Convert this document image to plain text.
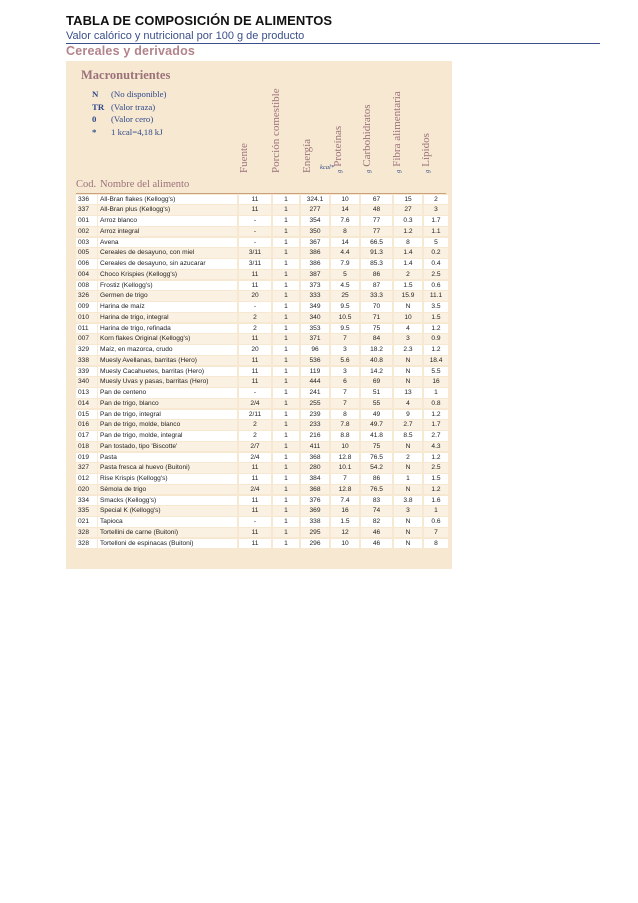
TABLA DE COMPOSICIÓN DE ALIMENTOS
Valor calórico y nutricional por 100 g de producto
Cereales y derivados
Macronutrientes
N (No disponible)
TR (Valor traza)
0 (Valor cero)
* 1 kcal=4,18 kJ
Fuente Porción comestible Energía kcal*
gProteínas
gCarbohidratos
gFibra alimentaria
gLípidos
Cod. Nombre del alimento
336	All-Bran flakes (Kellogg's)	11	1	324.1	10	67	15	2
337	All-Bran plus (Kellogg's)	11	1	277	14	48	27	3
001	Arroz blanco	-	1	354	7.6	77	0.3	1.7
002	Arroz integral	-	1	350	8	77	1.2	1.1
003	Avena	-	1	367	14	66.5	8	5
005	Cereales de desayuno, con miel	3/11	1	386	4.4	91.3	1.4	0.2
006	Cereales de desayuno, sin azucarar	3/11	1	386	7.9	85.3	1.4	0.4
004	Choco Krispies (Kellogg's)	11	1	387	5	86	2	2.5
008	Frostiz (Kellogg's)	11	1	373	4.5	87	1.5	0.6
326	Germen de trigo	20	1	333	25	33.3	15.9	11.1
009	Harina de maíz	-	1	349	9.5	70	N	3.5
010	Harina de trigo, integral	2	1	340	10.5	71	10	1.5
011	Harina de trigo, refinada	2	1	353	9.5	75	4	1.2
007	Korn flakes Original (Kellogg's)	11	1	371	7	84	3	0.9
329	Maíz, en mazorca, crudo	20	1	96	3	18.2	2.3	1.2
338	Muesly Avellanas, barritas (Hero)	11	1	536	5.6	40.8	N	18.4
339	Muesly Cacahuetes, barritas (Hero)	11	1	119	3	14.2	N	5.5
340	Muesly Uvas y pasas, barritas (Hero)	11	1	444	6	69	N	16
013	Pan de centeno	-	1	241	7	51	13	1
014	Pan de trigo, blanco	2/4	1	255	7	55	4	0.8
015	Pan de trigo, integral	2/11	1	239	8	49	9	1.2
016	Pan de trigo, molde, blanco	2	1	233	7.8	49.7	2.7	1.7
017	Pan de trigo, molde, integral	2	1	216	8.8	41.8	8.5	2.7
018	Pan tostado, tipo 'Biscotte'	2/7	1	411	10	75	N	4.3
019	Pasta	2/4	1	368	12.8	76.5	2	1.2
327	Pasta fresca al huevo (Buitoni)	11	1	280	10.1	54.2	N	2.5
012	Rise Krispis (Kellogg's)	11	1	384	7	86	1	1.5
020	Sémola de trigo	2/4	1	368	12.8	76.5	N	1.2
334	Smacks (Kellogg's)	11	1	376	7.4	83	3.8	1.6
335	Special K (Kellogg's)	11	1	369	16	74	3	1
021	Tapioca	-	1	338	1.5	82	N	0.6
328	Tortellini de carne (Buitoni)	11	1	295	12	46	N	7
328	Tortelloni de espinacas (Buitoni)	11	1	296	10	46	N	8
